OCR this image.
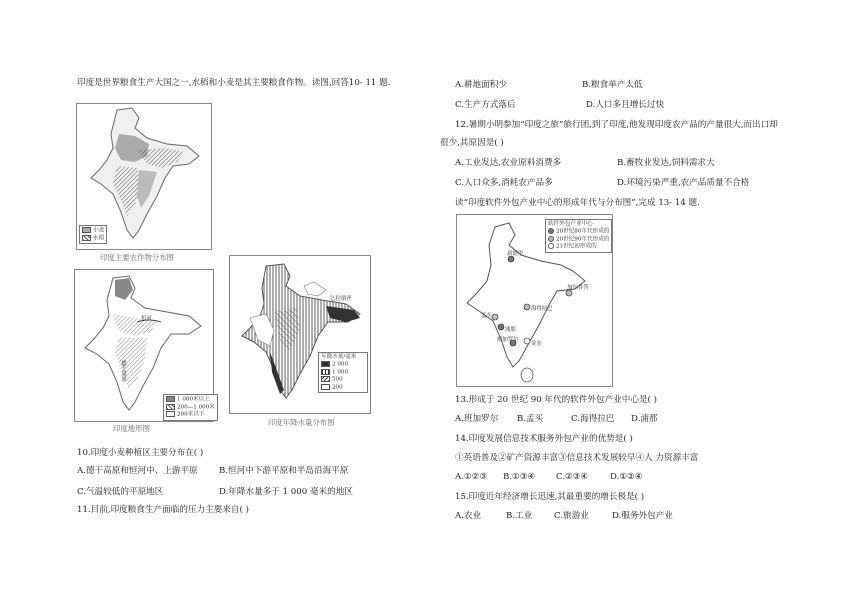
印度是世界粮食生产大国之一,水稻和小麦是其主要粮食作物。读图,回答10- 11 题.
小麦
水稻
印度主要农作物分布图
恒河
德干高原
1 000米以上
200—1 000米
200米以下
印度地形图
乞拉朋齐
年降水量/毫米
2 000
1 000
500
200
印度年降水量分布图
10.印度小麦种植区主要分布在( )
A.德干高原和恒河中、上游平原 B.恒河中下游平原和半岛沿海平原
C.气温较低的平原地区	D.年降水量多于 1 000 毫米的地区
11.目前,印度粮食生产面临的压力主要来自( )
A.耕地面积少	B.粮食单产太低
C.生产方式落后	D.人口多且增长过快
12.暑期小明参加“印度之旅”旅行团,到了印度,他发现印度农产品的产量很大,而出口却
很少,其原因是( )
A.工业发达,农业原料消费多	B.畜牧业发达,饲料需求大
C.人口众多,消耗农产品多	D.环境污染严重,农产品质量不合格
读“印度软件外包产业中心的形成年代与分布图”,完成 13- 14 题.
软件外包产业中心
20世纪80年代形成的
20世纪90年代形成的
21世纪初形成的
新德里
加尔各答
海得拉巴
孟买
浦那
班加罗尔
金奈
13.形成于 20 世纪 90 年代的软件外包产业中心是( )
A.班加罗尔 B.孟买	C.海得拉巴 D.浦那
14.印度发展信息技术服务外包产业的优势是( )
①英语普及②矿产资源丰富③信息技术发展较早④人 力资源丰富
A.①②③ B.①③④ C.②③④	D.①②④
15.印度近年经济增长迅速,其最重要的增长极是( )
A.农业	B.工业	C.旅游业	D.服务外包产业
